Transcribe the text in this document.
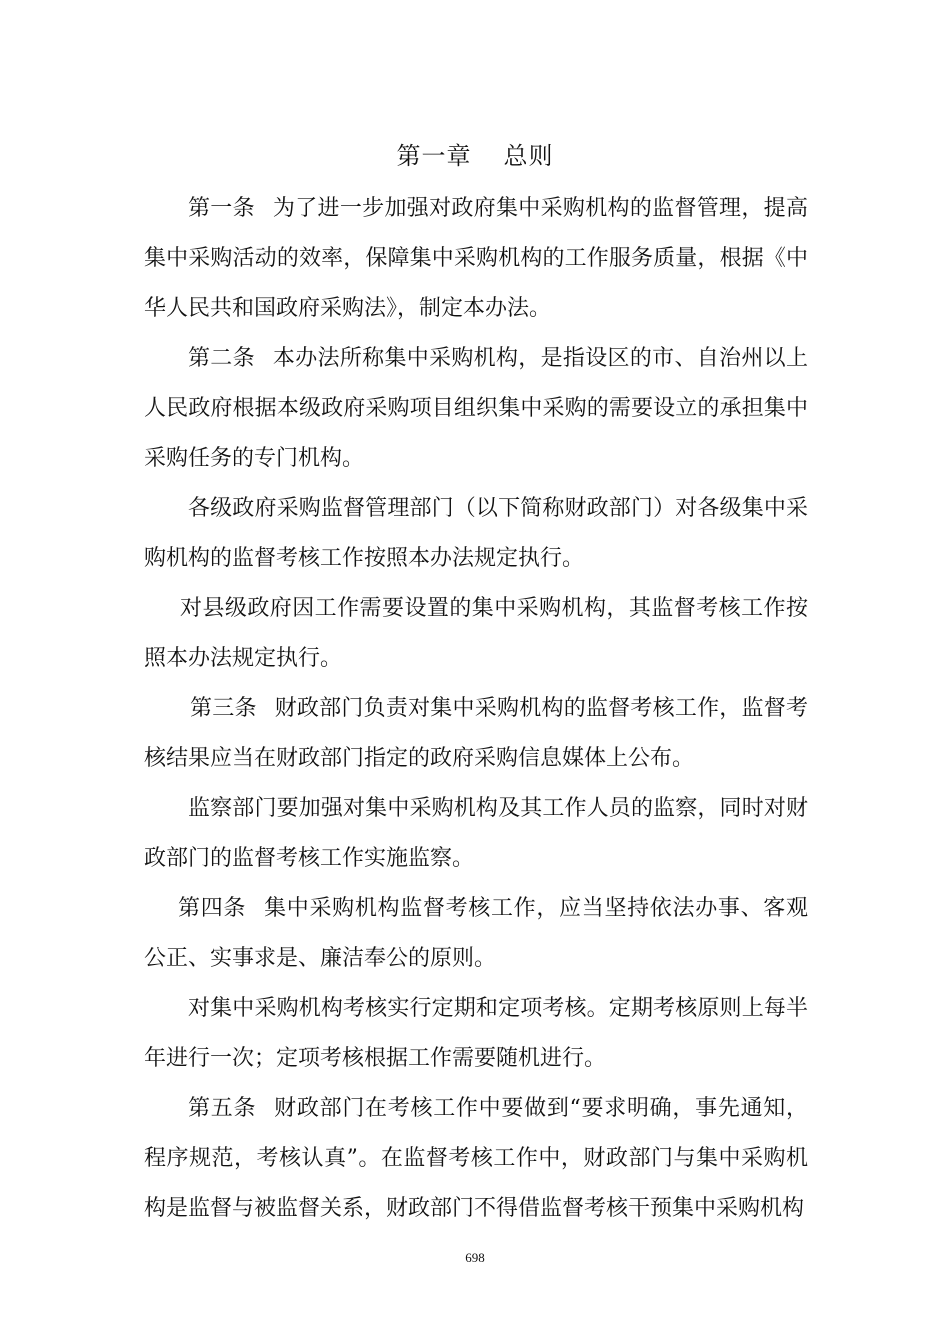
第一章 总则

第一条 为了进一步加强对政府集中采购机构的监督管理，提高集中采购活动的效率，保障集中采购机构的工作服务质量，根据《中华人民共和国政府采购法》，制定本办法。

第二条 本办法所称集中采购机构，是指设区的市、自治州以上人民政府根据本级政府采购项目组织集中采购的需要设立的承担集中采购任务的专门机构。

各级政府采购监督管理部门（以下简称财政部门）对各级集中采购机构的监督考核工作按照本办法规定执行。

对县级政府因工作需要设置的集中采购机构，其监督考核工作按照本办法规定执行。

第三条 财政部门负责对集中采购机构的监督考核工作，监督考核结果应当在财政部门指定的政府采购信息媒体上公布。

监察部门要加强对集中采购机构及其工作人员的监察，同时对财政部门的监督考核工作实施监察。

第四条 集中采购机构监督考核工作，应当坚持依法办事、客观公正、实事求是、廉洁奉公的原则。

对集中采购机构考核实行定期和定项考核。定期考核原则上每半年进行一次；定项考核根据工作需要随机进行。

第五条 财政部门在考核工作中要做到“要求明确，事先通知，程序规范，考核认真”。在监督考核工作中，财政部门与集中采购机构是监督与被监督关系，财政部门不得借监督考核干预集中采购机构

698
